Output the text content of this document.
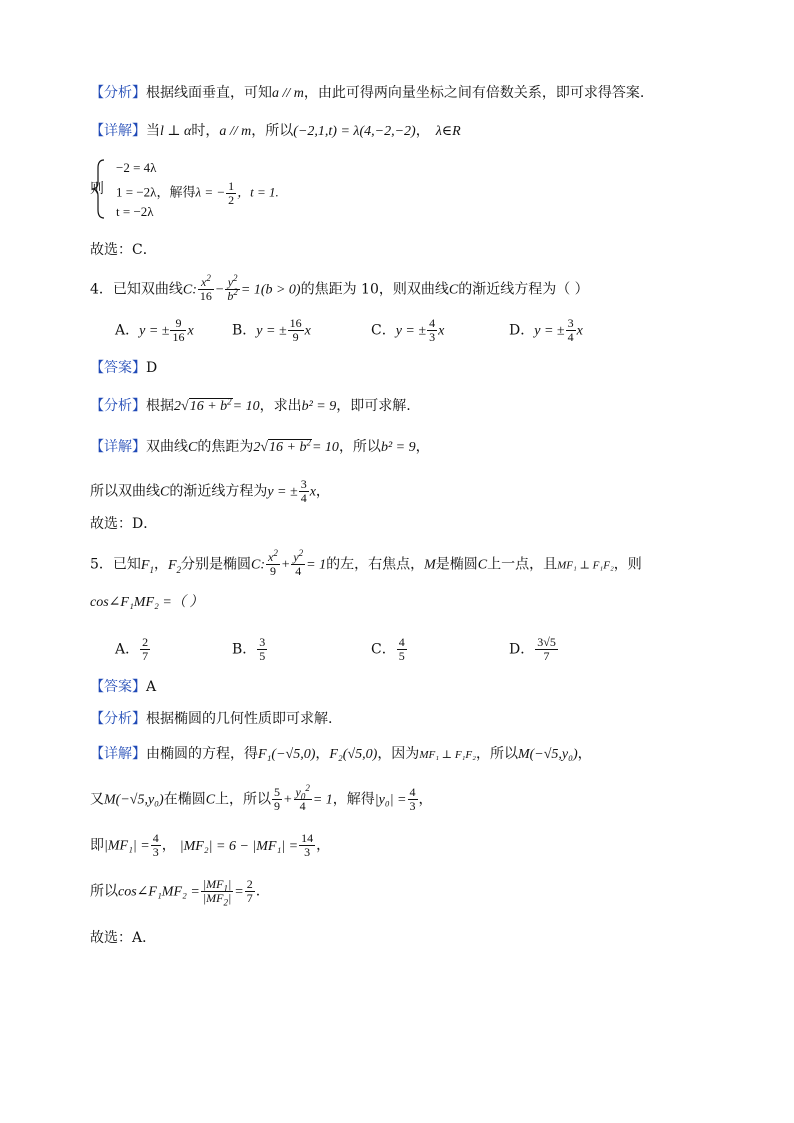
【分析】根据线面垂直，可知a // m，由此可得两向量坐标之间有倍数关系，即可求得答案.
【详解】当l ⊥ α时，a // m，所以(−2,1,t) = λ(4,−2,−2)， λ∈R
则
−2 = 4λ
1 = −2λ，解得λ = − $\frac{1}{2}$ ，t = 1.
t = −2λ
故选：C．
4．已知双曲线C: $\frac{x^2}{16} - \frac{y^2}{b^2} = 1(b > 0)$的焦距为 10，则双曲线C的渐近线方程为（ ）
A．y = ± $\frac{9}{16}$ x	B．y = ± $\frac{16}{9}$ x	C．y = ± $\frac{4}{3}$ x	D．y = ± $\frac{3}{4}$ x
【答案】D
【分析】根据$2√16 + b^2= 10$，求出b² = 9，即可求解.
【详解】双曲线C的焦距为$2√16 + b^2= 10$，所以b² = 9，
所以双曲线C的渐近线方程为y = ± $\frac{3}{4}$ x，
故选：D．
5．已知$F_1$，$F_2$分别是椭圆C: $\frac{x^2}{9} + \frac{y^2}{4} = 1$的左，右焦点，M是椭圆C上一点，且MF₁ ⊥ F₁F₂，则
cos∠F₁MF₂ =（ ）
A． $\frac{2}{7}$	B． $\frac{3}{5}$	C． $\frac{4}{5}$	D． $\frac{3√5}{7}$
【答案】A
【分析】根据椭圆的几何性质即可求解.
【详解】由椭圆的方程，得F₁(−√5,0)，F₂(√5,0)，因为MF₁ ⊥ F₁F₂，所以M(−√5,y₀)，
又M(−√5,y₀)在椭圆C上，所以 $\frac{5}{9} + \frac{y_0^2}{4} = 1$，解得$|y_0| = \frac{4}{3}$ ，
即$|MF_1| = \frac{4}{3}$ ， $|MF_2| = 6 - |MF_1| = \frac{14}{3}$ ，
所以cos∠F₁MF₂ = $\frac{|MF_1|}{|MF_2|} = \frac{2}{7}$ .
故选：A．
